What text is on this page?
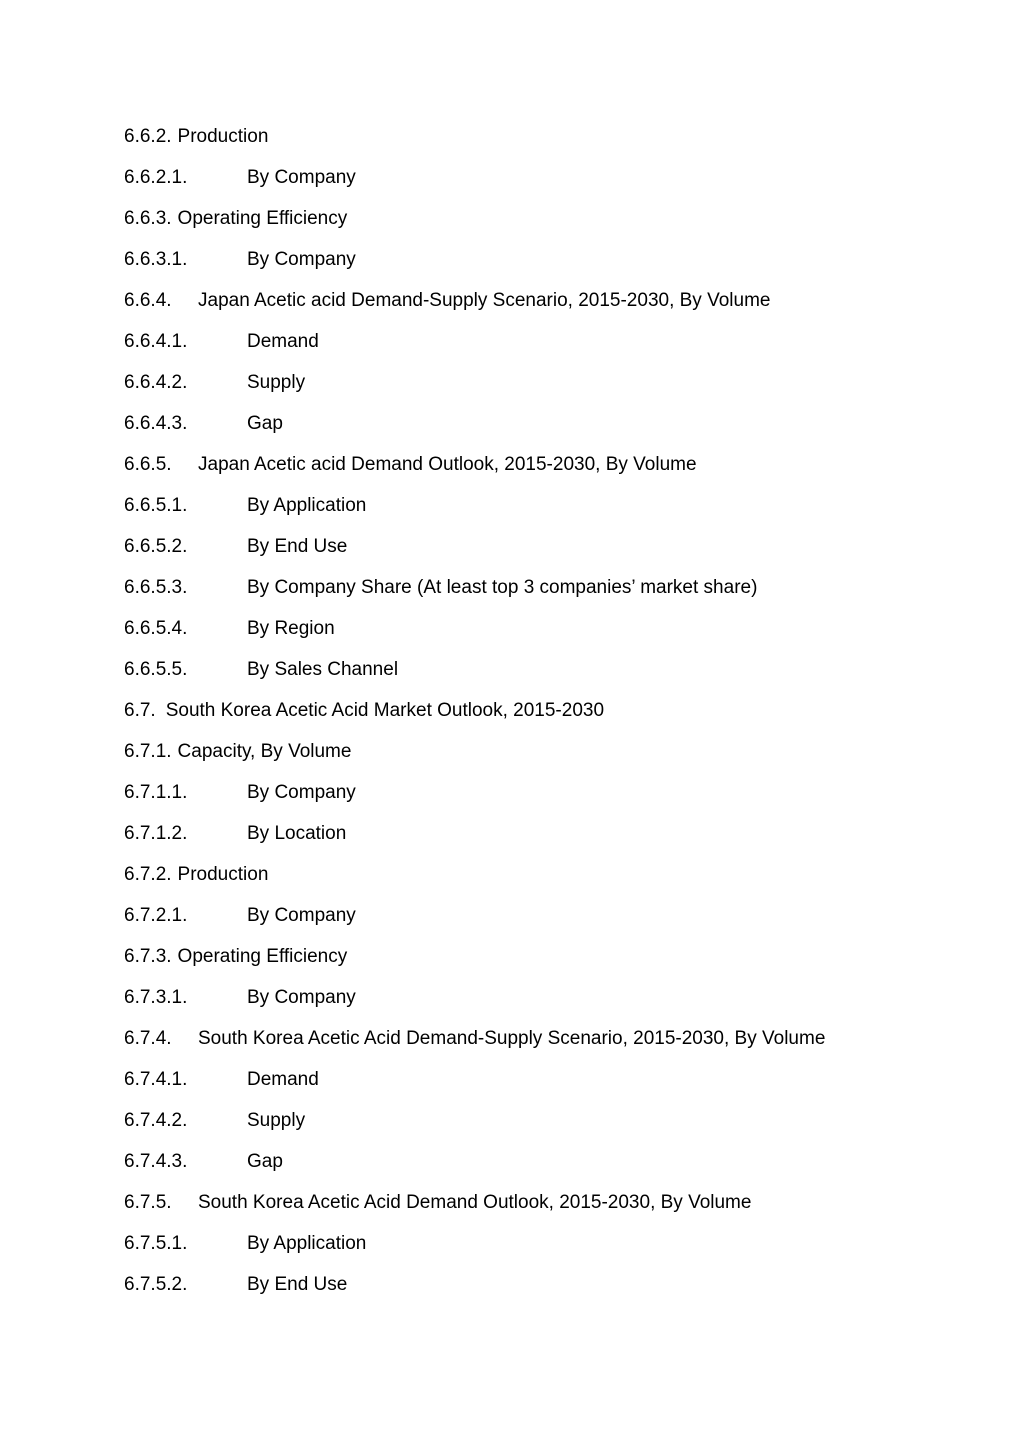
6.6.2. Production
6.6.2.1.	By Company
6.6.3. Operating Efficiency
6.6.3.1.	By Company
6.6.4. Japan Acetic acid Demand-Supply Scenario, 2015-2030, By Volume
6.6.4.1.	Demand
6.6.4.2.	Supply
6.6.4.3.	Gap
6.6.5. Japan Acetic acid Demand Outlook, 2015-2030, By Volume
6.6.5.1.	By Application
6.6.5.2.	By End Use
6.6.5.3.	By Company Share (At least top 3 companies’ market share)
6.6.5.4.	By Region
6.6.5.5.	By Sales Channel
6.7. South Korea Acetic Acid Market Outlook, 2015-2030
6.7.1. Capacity, By Volume
6.7.1.1.	By Company
6.7.1.2.	By Location
6.7.2. Production
6.7.2.1.	By Company
6.7.3. Operating Efficiency
6.7.3.1.	By Company
6.7.4. South Korea Acetic Acid Demand-Supply Scenario, 2015-2030, By Volume
6.7.4.1.	Demand
6.7.4.2.	Supply
6.7.4.3.	Gap
6.7.5. South Korea Acetic Acid Demand Outlook, 2015-2030, By Volume
6.7.5.1.	By Application
6.7.5.2.	By End Use
